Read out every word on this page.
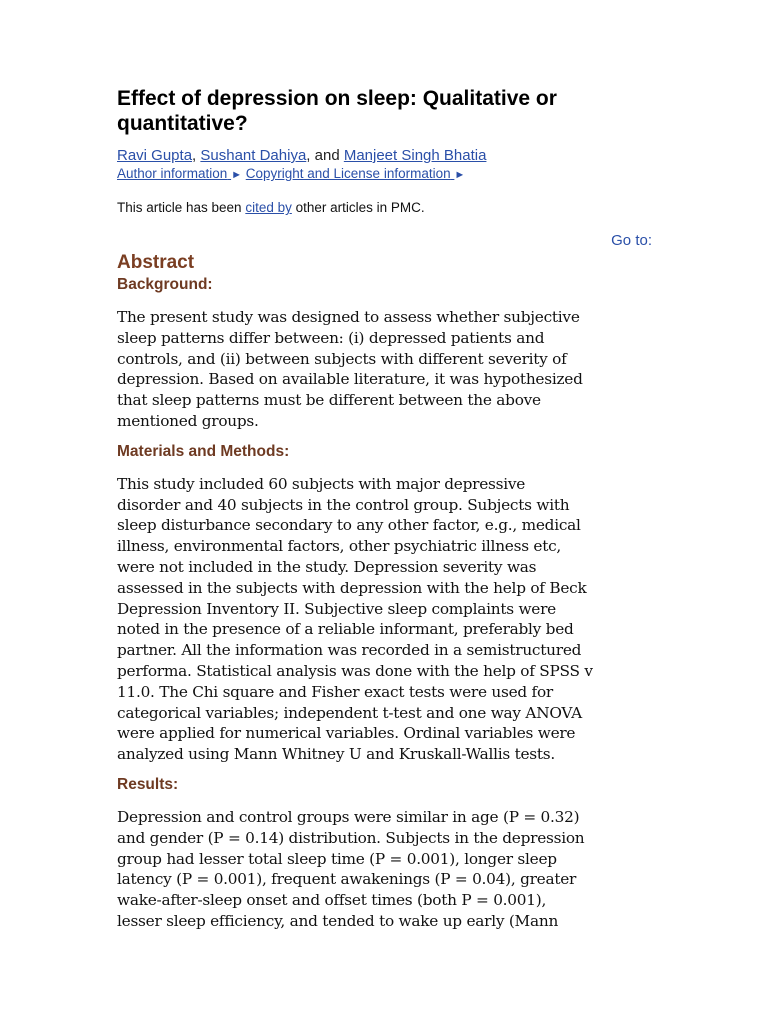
Effect of depression on sleep: Qualitative or
quantitative?
Ravi Gupta, Sushant Dahiya, and Manjeet Singh Bhatia
Author information ► Copyright and License information ►
This article has been cited by other articles in PMC.
Go to:
Abstract
Background:

The present study was designed to assess whether subjective
sleep patterns differ between: (i) depressed patients and
controls, and (ii) between subjects with different severity of
depression. Based on available literature, it was hypothesized
that sleep patterns must be different between the above
mentioned groups.

Materials and Methods:

This study included 60 subjects with major depressive
disorder and 40 subjects in the control group. Subjects with
sleep disturbance secondary to any other factor, e.g., medical
illness, environmental factors, other psychiatric illness etc,
were not included in the study. Depression severity was
assessed in the subjects with depression with the help of Beck
Depression Inventory II. Subjective sleep complaints were
noted in the presence of a reliable informant, preferably bed
partner. All the information was recorded in a semistructured
performa. Statistical analysis was done with the help of SPSS v
11.0. The Chi square and Fisher exact tests were used for
categorical variables; independent t-test and one way ANOVA
were applied for numerical variables. Ordinal variables were
analyzed using Mann Whitney U and Kruskall-Wallis tests.

Results:

Depression and control groups were similar in age (P = 0.32)
and gender (P = 0.14) distribution. Subjects in the depression
group had lesser total sleep time (P = 0.001), longer sleep
latency (P = 0.001), frequent awakenings (P = 0.04), greater
wake-after-sleep onset and offset times (both P = 0.001),
lesser sleep efficiency, and tended to wake up early (Mann
